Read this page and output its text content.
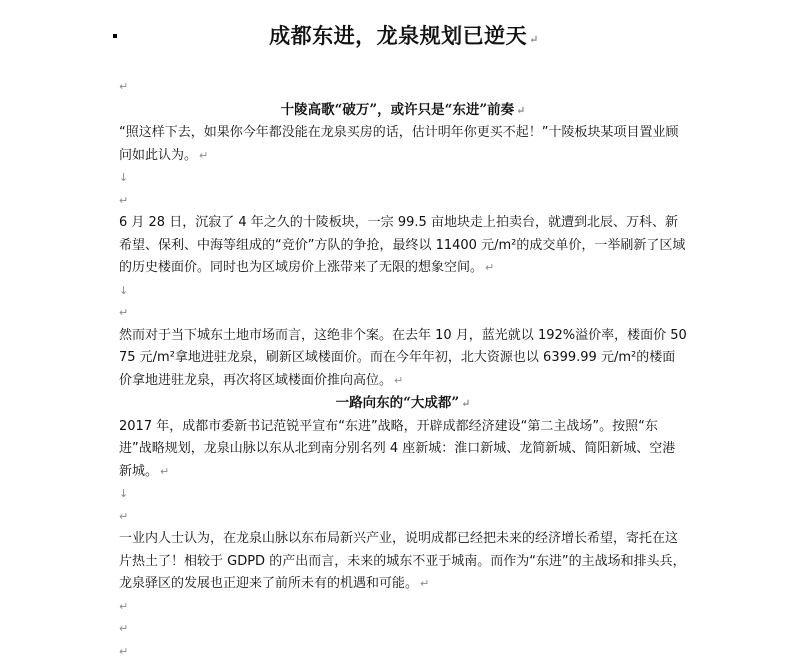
成都东进，龙泉规划已逆天 ↵
↵

十陵高歌“破万”，或许只是“东进”前奏 ↵

“照这样下去，如果你今年都没能在龙泉买房的话，估计明年你更买不起！”十陵板块某项目置业顾问如此认为。 ↵

↓
↵

6 月 28 日，沉寂了 4 年之久的十陵板块，一宗 99.5 亩地块走上拍卖台，就遭到北辰、万科、新希望、保利、中海等组成的“竞价”方队的争抢，最终以 11400 元/m²的成交单价，一举刷新了区域的历史楼面价。同时也为区域房价上涨带来了无限的想象空间。 ↵

↓
↵

然而对于当下城东土地市场而言，这绝非个案。在去年 10 月，蓝光就以 192%溢价率，楼面价 5075 元/m²拿地进驻龙泉，刷新区域楼面价。而在今年年初，北大资源也以 6399.99 元/m²的楼面价拿地进驻龙泉，再次将区域楼面价推向高位。 ↵

一路向东的“大成都” ↵

2017 年，成都市委新书记范锐平宣布“东进”战略，开辟成都经济建设“第二主战场”。按照“东进”战略规划，龙泉山脉以东从北到南分别名列 4 座新城：淮口新城、龙简新城、简阳新城、空港新城。 ↵

↓
↵

一业内人士认为，在龙泉山脉以东布局新兴产业，说明成都已经把未来的经济增长希望，寄托在这片热土了！相较于 GDPD 的产出而言，未来的城东不亚于城南。而作为“东进”的主战场和排头兵，龙泉驿区的发展也正迎来了前所未有的机遇和可能。 ↵

↵
↵
↵
